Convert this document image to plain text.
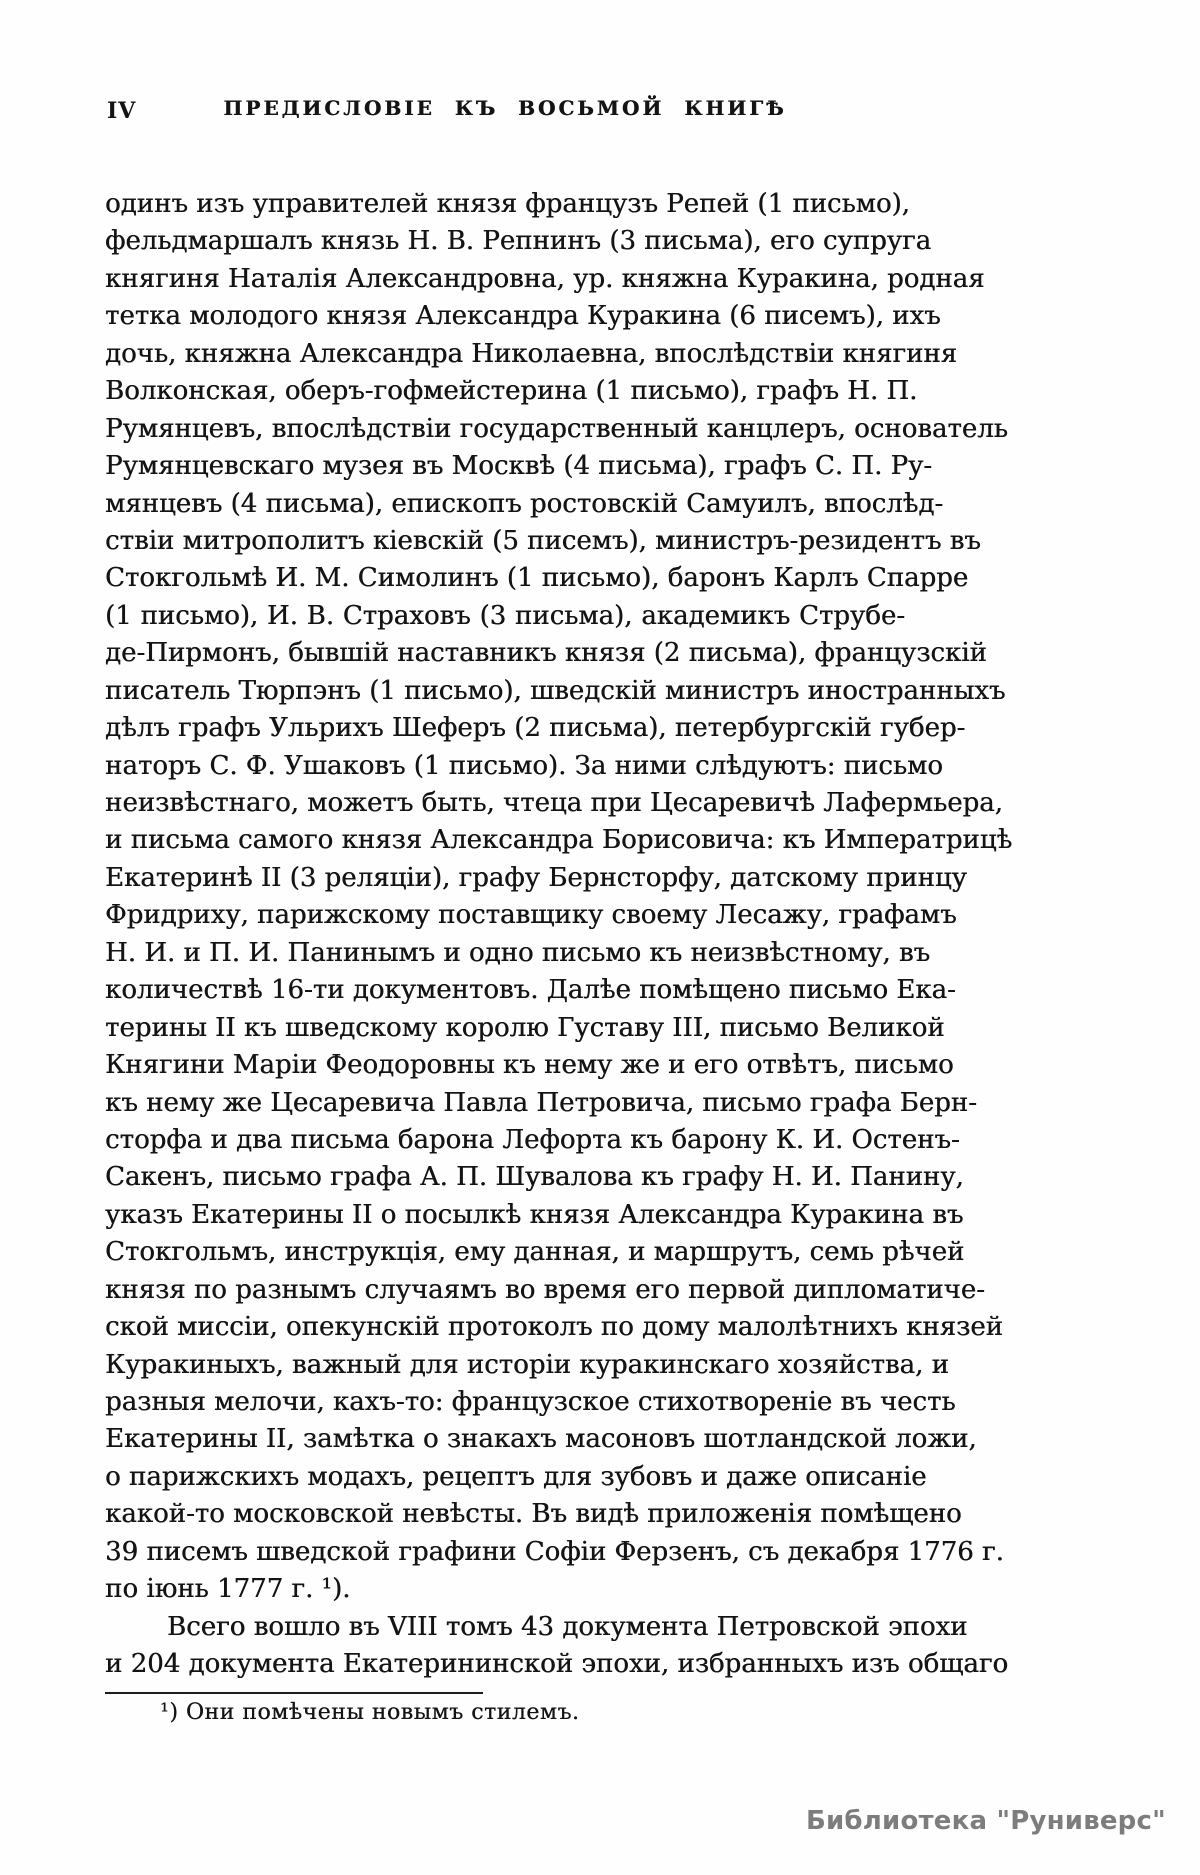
IV	ПРЕДИСЛОВІЕ КЪ ВОСЬМОЙ КНИГѢ
одинъ изъ управителей князя французъ Репей (1 письмо),
фельдмаршалъ князь Н. В. Репнинъ (3 письма), его супруга
княгиня Наталія Александровна, ур. княжна Куракина, родная
тетка молодого князя Александра Куракина (6 писемъ), ихъ
дочь, княжна Александра Николаевна, впослѣдствіи княгиня
Волконская, оберъ-гофмейстерина (1 письмо), графъ Н. П.
Румянцевъ, впослѣдствіи государственный канцлеръ, основатель
Румянцевскаго музея въ Москвѣ (4 письма), графъ С. П. Ру-
мянцевъ (4 письма), епископъ ростовскій Самуилъ, впослѣд-
ствіи митрополитъ кіевскій (5 писемъ), министръ-резидентъ въ
Стокгольмѣ И. М. Симолинъ (1 письмо), баронъ Карлъ Спарре
(1 письмо), И. В. Страховъ (3 письма), академикъ Струбе-
де-Пирмонъ, бывшій наставникъ князя (2 письма), французскій
писатель Тюрпэнъ (1 письмо), шведскій министръ иностранныхъ
дѣлъ графъ Ульрихъ Шеферъ (2 письма), петербургскій губер-
наторъ С. Ф. Ушаковъ (1 письмо). За ними слѣдуютъ: письмо
неизвѣстнаго, можетъ быть, чтеца при Цесаревичѣ Лафермьера,
и письма самого князя Александра Борисовича: къ Императрицѣ
Екатеринѣ II (3 реляціи), графу Бернсторфу, датскому принцу
Фридриху, парижскому поставщику своему Лесажу, графамъ
Н. И. и П. И. Панинымъ и одно письмо къ неизвѣстному, въ
количествѣ 16-ти документовъ. Далѣе помѣщено письмо Ека-
терины II къ шведскому королю Густаву III, письмо Великой
Княгини Маріи Феодоровны къ нему же и его отвѣтъ, письмо
къ нему же Цесаревича Павла Петровича, письмо графа Берн-
сторфа и два письма барона Лефорта къ барону К. И. Остенъ-
Сакенъ, письмо графа А. П. Шувалова къ графу Н. И. Панину,
указъ Екатерины II о посылкѣ князя Александра Куракина въ
Стокгольмъ, инструкція, ему данная, и маршрутъ, семь рѣчей
князя по разнымъ случаямъ во время его первой дипломатиче-
ской миссіи, опекунскій протоколъ по дому малолѣтнихъ князей
Куракиныхъ, важный для исторіи куракинскаго хозяйства, и
разныя мелочи, кахъ-то: французское стихотвореніе въ честь
Екатерины II, замѣтка о знакахъ масоновъ шотландской ложи,
о парижскихъ модахъ, рецептъ для зубовъ и даже описаніе
какой-то московской невѣсты. Въ видѣ приложенія помѣщено
39 писемъ шведской графини Софіи Ферзенъ, съ декабря 1776 г.
по іюнь 1777 г. ¹).
Всего вошло въ VIII томъ 43 документа Петровской эпохи
и 204 документа Екатерининской эпохи, избранныхъ изъ общаго
¹) Они помѣчены новымъ стилемъ.
Библиотека "Руниверс"
